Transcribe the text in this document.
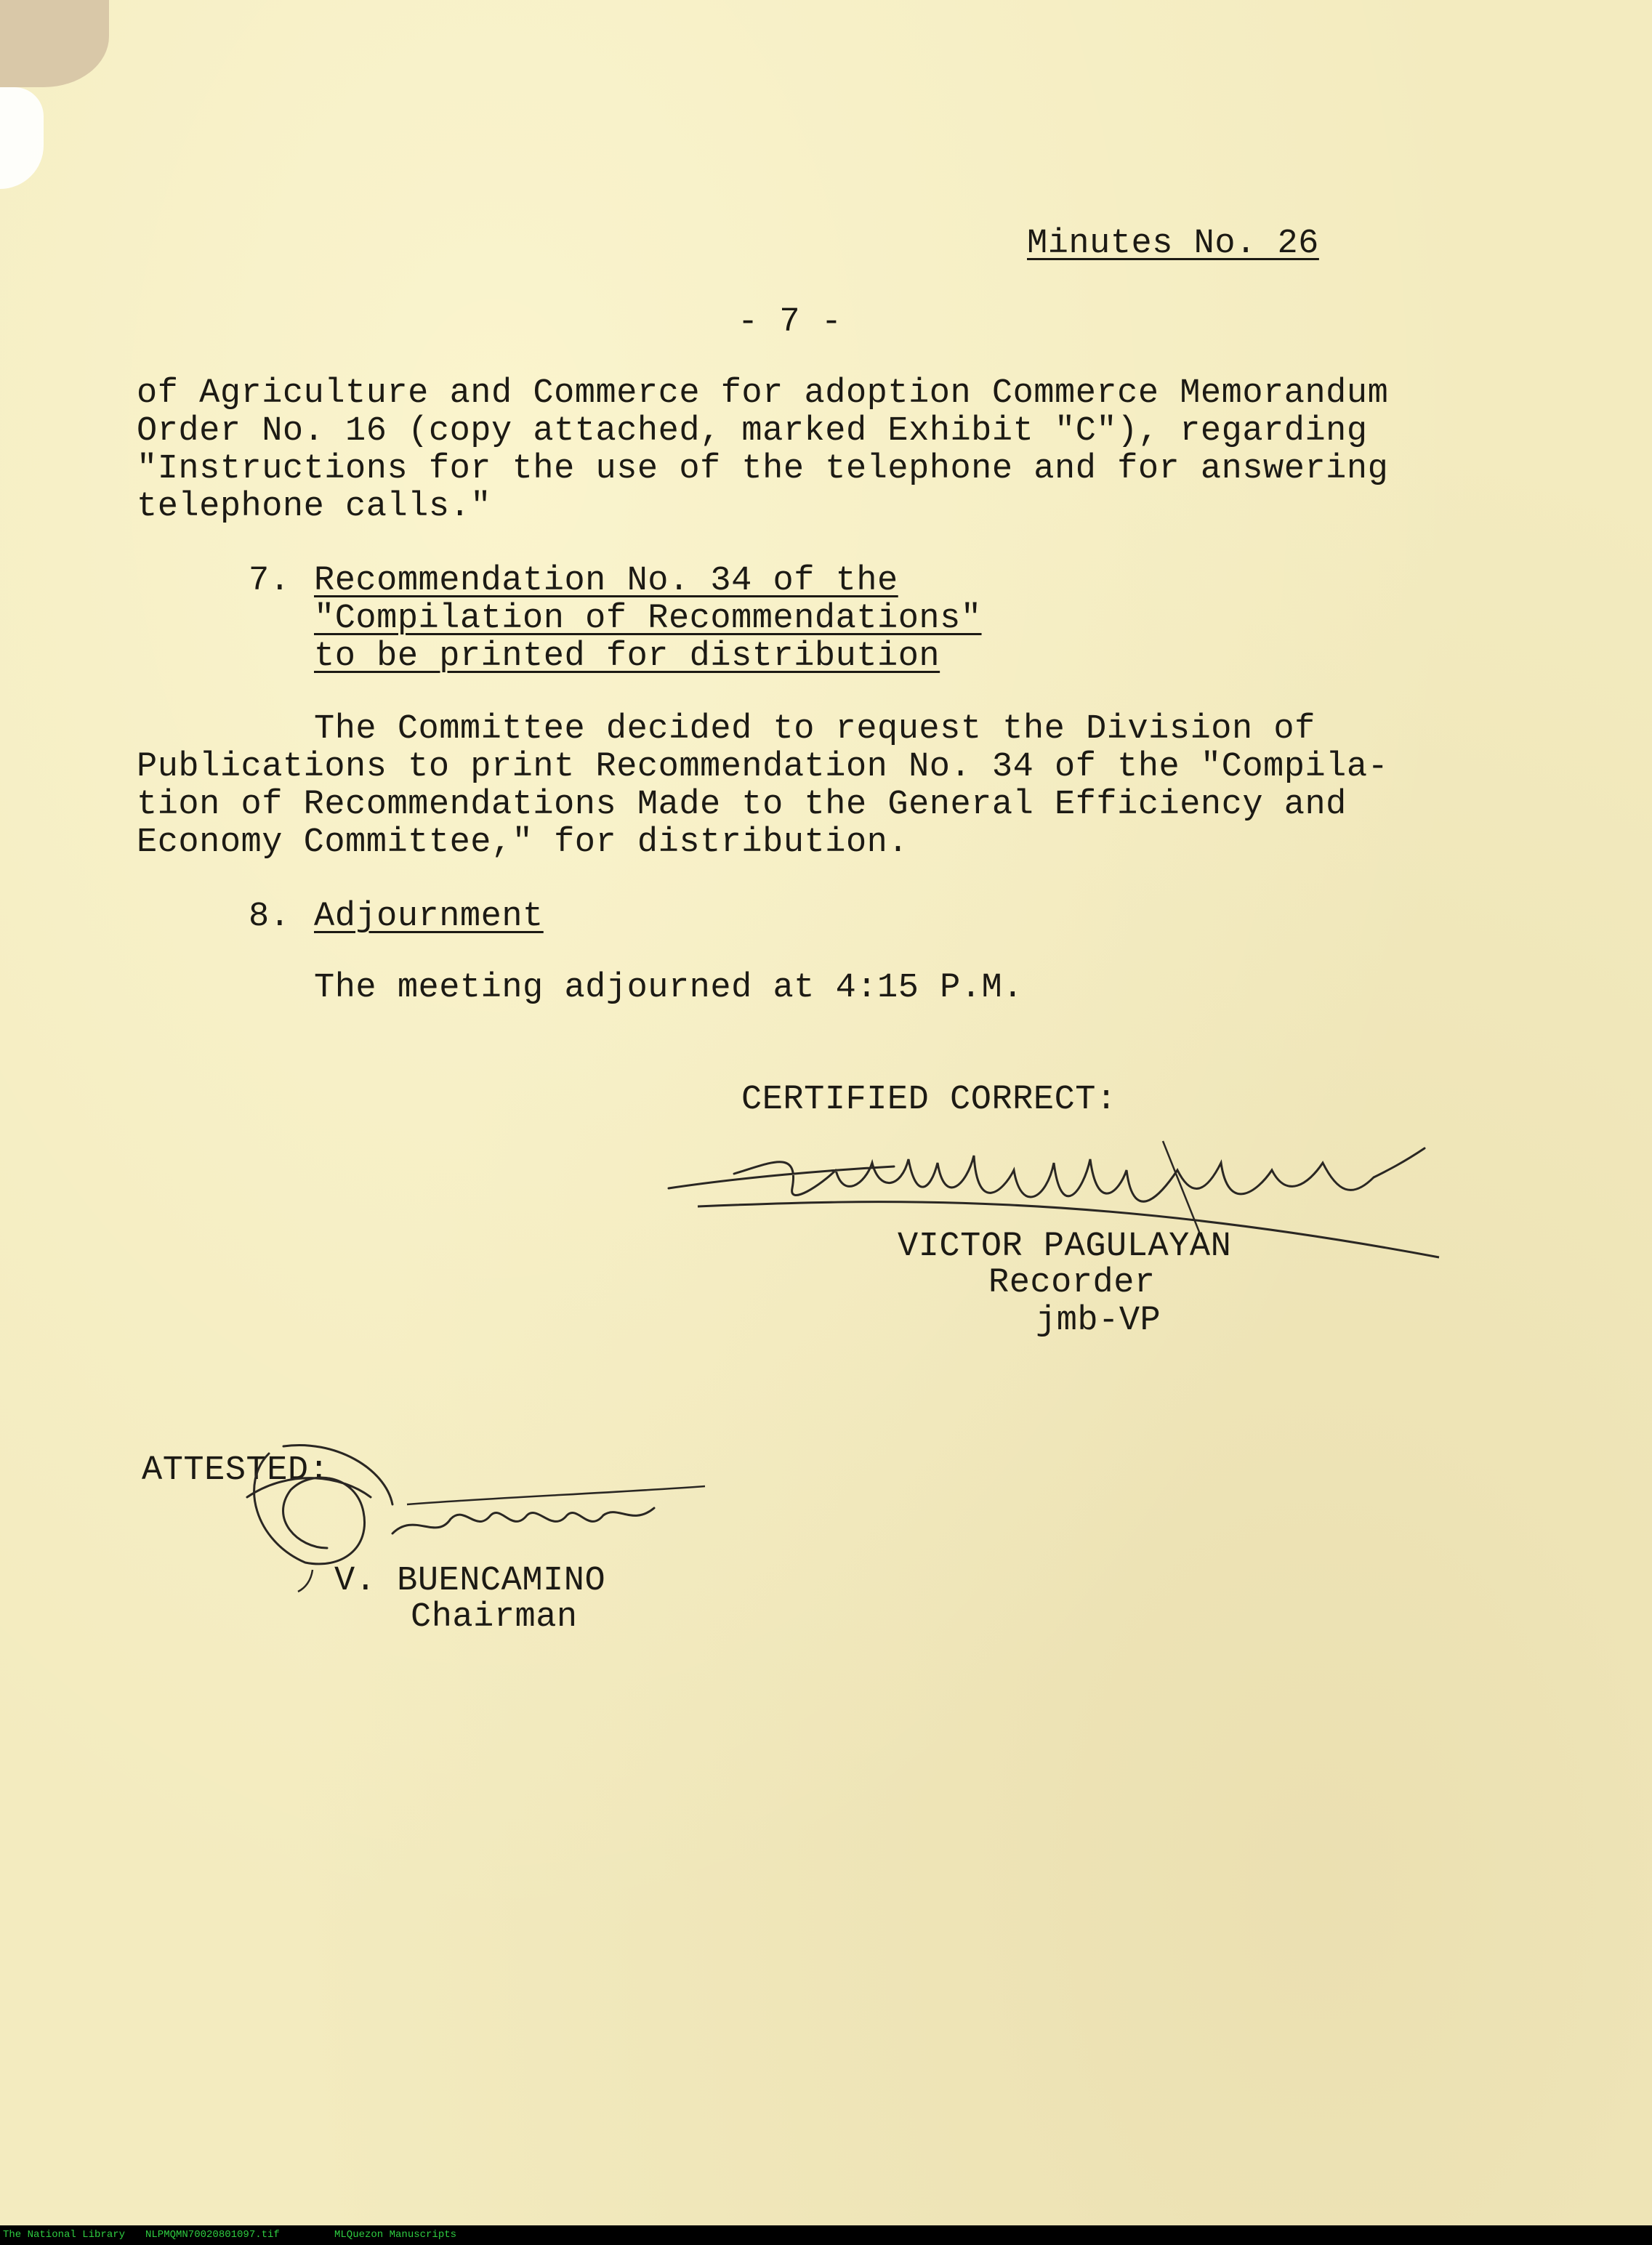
Minutes No. 26
- 7 -
of Agriculture and Commerce for adoption Commerce Memorandum
Order No. 16 (copy attached, marked Exhibit "C"), regarding
"Instructions for the use of the telephone and for answering
telephone calls."
7. Recommendation No. 34 of the
"Compilation of Recommendations"
to be printed for distribution
The Committee decided to request the Division of
Publications to print Recommendation No. 34 of the "Compila-
tion of Recommendations Made to the General Efficiency and
Economy Committee," for distribution.
8. Adjournment
The meeting adjourned at 4:15 P.M.
CERTIFIED CORRECT:
VICTOR PAGULAYAN
Recorder
jmb-VP
ATTESTED:
V. BUENCAMINO
Chairman
The National Library NLPMQMN70020801097.tif	MLQuezon Manuscripts
